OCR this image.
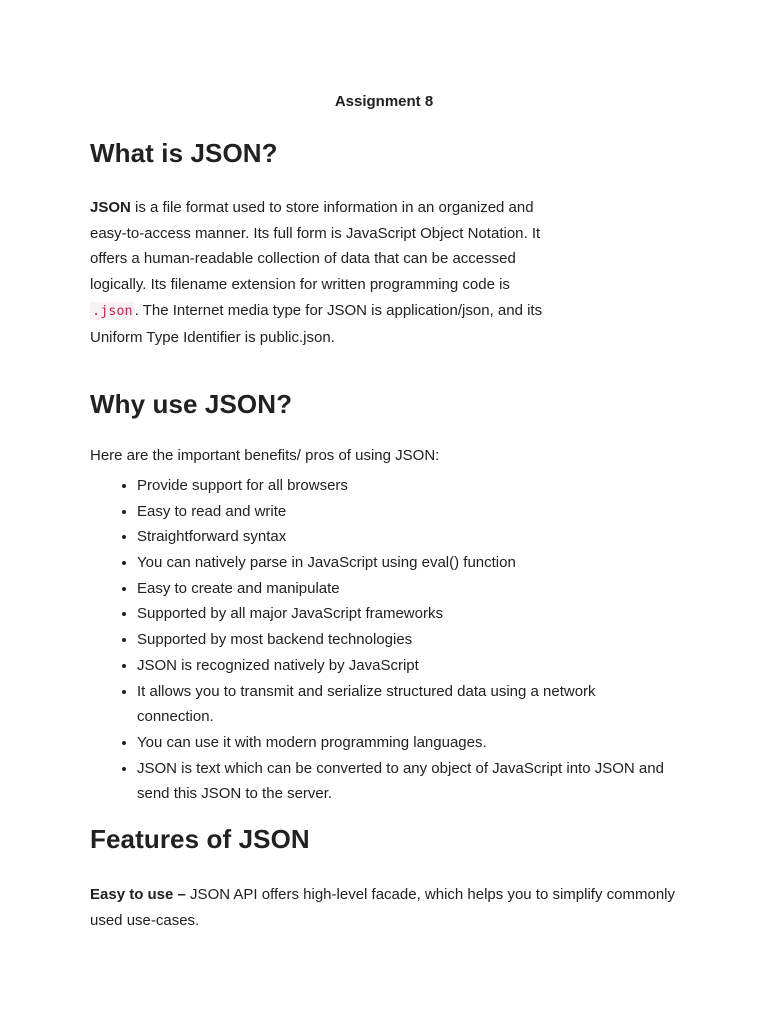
Assignment 8
What is JSON?
JSON is a file format used to store information in an organized and
easy-to-access manner. Its full form is JavaScript Object Notation. It
offers a human-readable collection of data that can be accessed
logically. Its filename extension for written programming code is
.json . The Internet media type for JSON is application/json, and its
Uniform Type Identifier is public.json.
Why use JSON?
Here are the important benefits/ pros of using JSON:
• Provide support for all browsers
• Easy to read and write
• Straightforward syntax
• You can natively parse in JavaScript using eval() function
• Easy to create and manipulate
• Supported by all major JavaScript frameworks
• Supported by most backend technologies
• JSON is recognized natively by JavaScript
• It allows you to transmit and serialize structured data using a network connection.
• You can use it with modern programming languages.
• JSON is text which can be converted to any object of JavaScript into JSON and send this JSON to the server.
Features of JSON
Easy to use – JSON API offers high-level facade, which helps you to simplify commonly used use-cases.
